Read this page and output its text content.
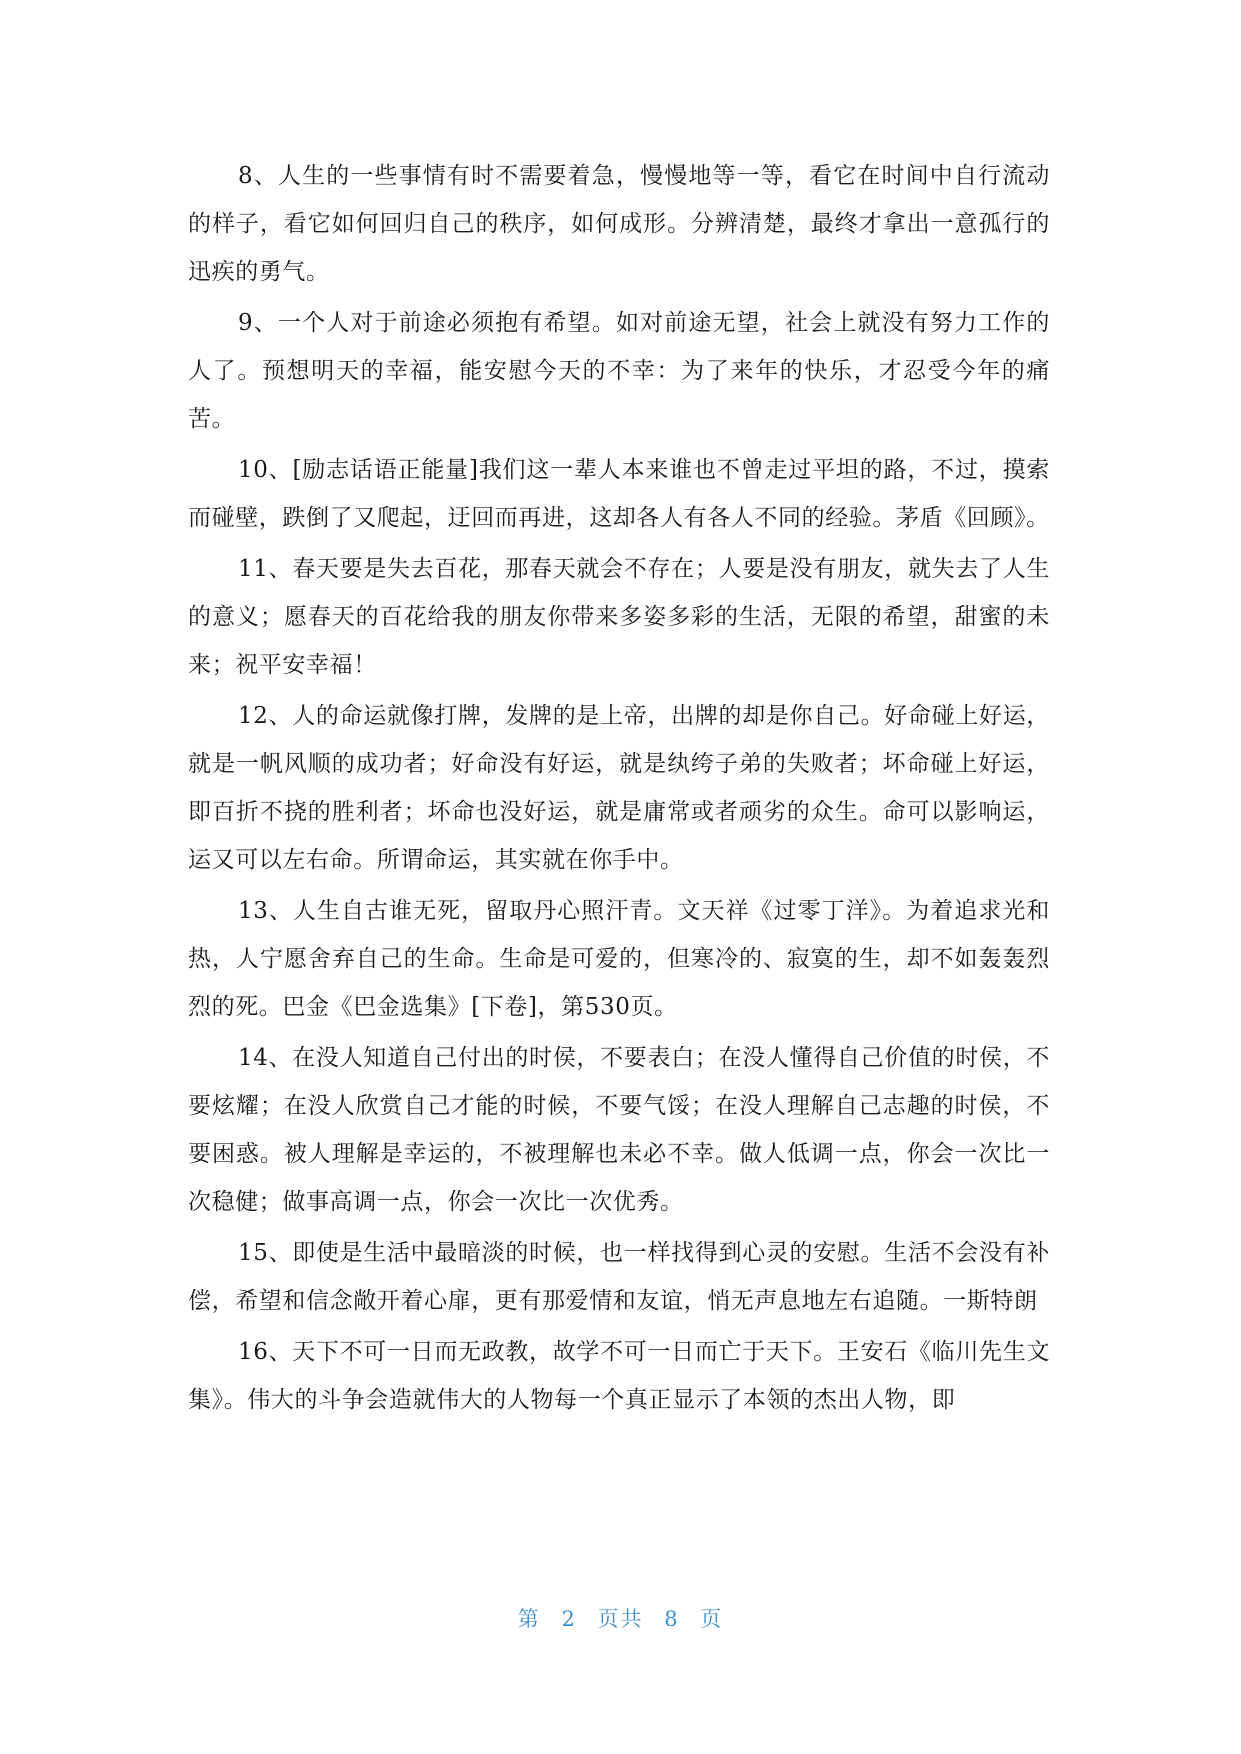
8、人生的一些事情有时不需要着急，慢慢地等一等，看它在时间中自行流动的样子，看它如何回归自己的秩序，如何成形。分辨清楚，最终才拿出一意孤行的迅疾的勇气。

9、一个人对于前途必须抱有希望。如对前途无望，社会上就没有努力工作的人了。预想明天的幸福，能安慰今天的不幸：为了来年的快乐，才忍受今年的痛苦。

10、[励志话语正能量]我们这一辈人本来谁也不曾走过平坦的路，不过，摸索而碰壁，跌倒了又爬起，迂回而再进，这却各人有各人不同的经验。茅盾《回顾》。

11、春天要是失去百花，那春天就会不存在；人要是没有朋友，就失去了人生的意义；愿春天的百花给我的朋友你带来多姿多彩的生活，无限的希望，甜蜜的未来；祝平安幸福！

12、人的命运就像打牌，发牌的是上帝，出牌的却是你自己。好命碰上好运，就是一帆风顺的成功者；好命没有好运，就是纨绔子弟的失败者；坏命碰上好运，即百折不挠的胜利者；坏命也没好运，就是庸常或者顽劣的众生。命可以影响运，运又可以左右命。所谓命运，其实就在你手中。

13、人生自古谁无死，留取丹心照汗青。文天祥《过零丁洋》。为着追求光和热，人宁愿舍弃自己的生命。生命是可爱的，但寒冷的、寂寞的生，却不如轰轰烈烈的死。巴金《巴金选集》[下卷]，第530页。

14、在没人知道自己付出的时侯，不要表白；在没人懂得自己价值的时侯，不要炫耀；在没人欣赏自己才能的时候，不要气馁；在没人理解自己志趣的时侯，不要困惑。被人理解是幸运的，不被理解也未必不幸。做人低调一点，你会一次比一次稳健；做事高调一点，你会一次比一次优秀。

15、即使是生活中最暗淡的时候，也一样找得到心灵的安慰。生活不会没有补偿，希望和信念敞开着心扉，更有那爱情和友谊，悄无声息地左右追随。一斯特朗

16、天下不可一日而无政教，故学不可一日而亡于天下。王安石《临川先生文集》。伟大的斗争会造就伟大的人物每一个真正显示了本领的杰出人物，即

第 2 页共 8 页
